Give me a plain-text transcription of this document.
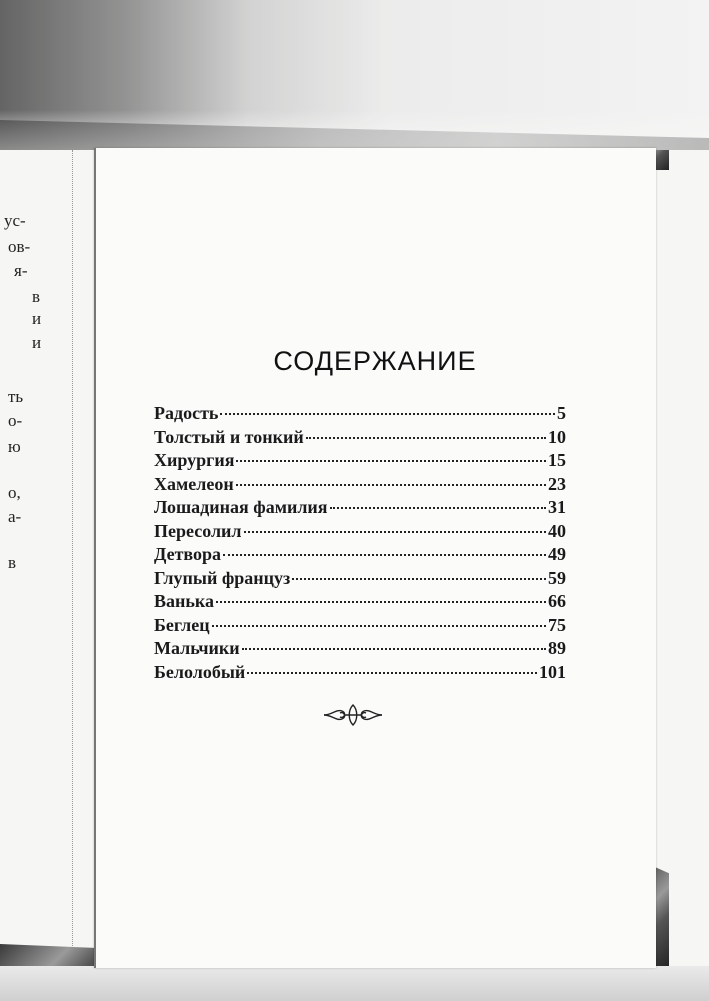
ус-
ов-
я-
в
и
и
ть
о-
ю
о,
а-
в
СОДЕРЖАНИЕ
Радость	5
Толстый и тонкий	10
Хирургия	15
Хамелеон	23
Лошадиная фамилия	31
Пересолил	40
Детвора	49
Глупый француз	59
Ванька	66
Беглец	75
Мальчики	89
Белолобый	101
